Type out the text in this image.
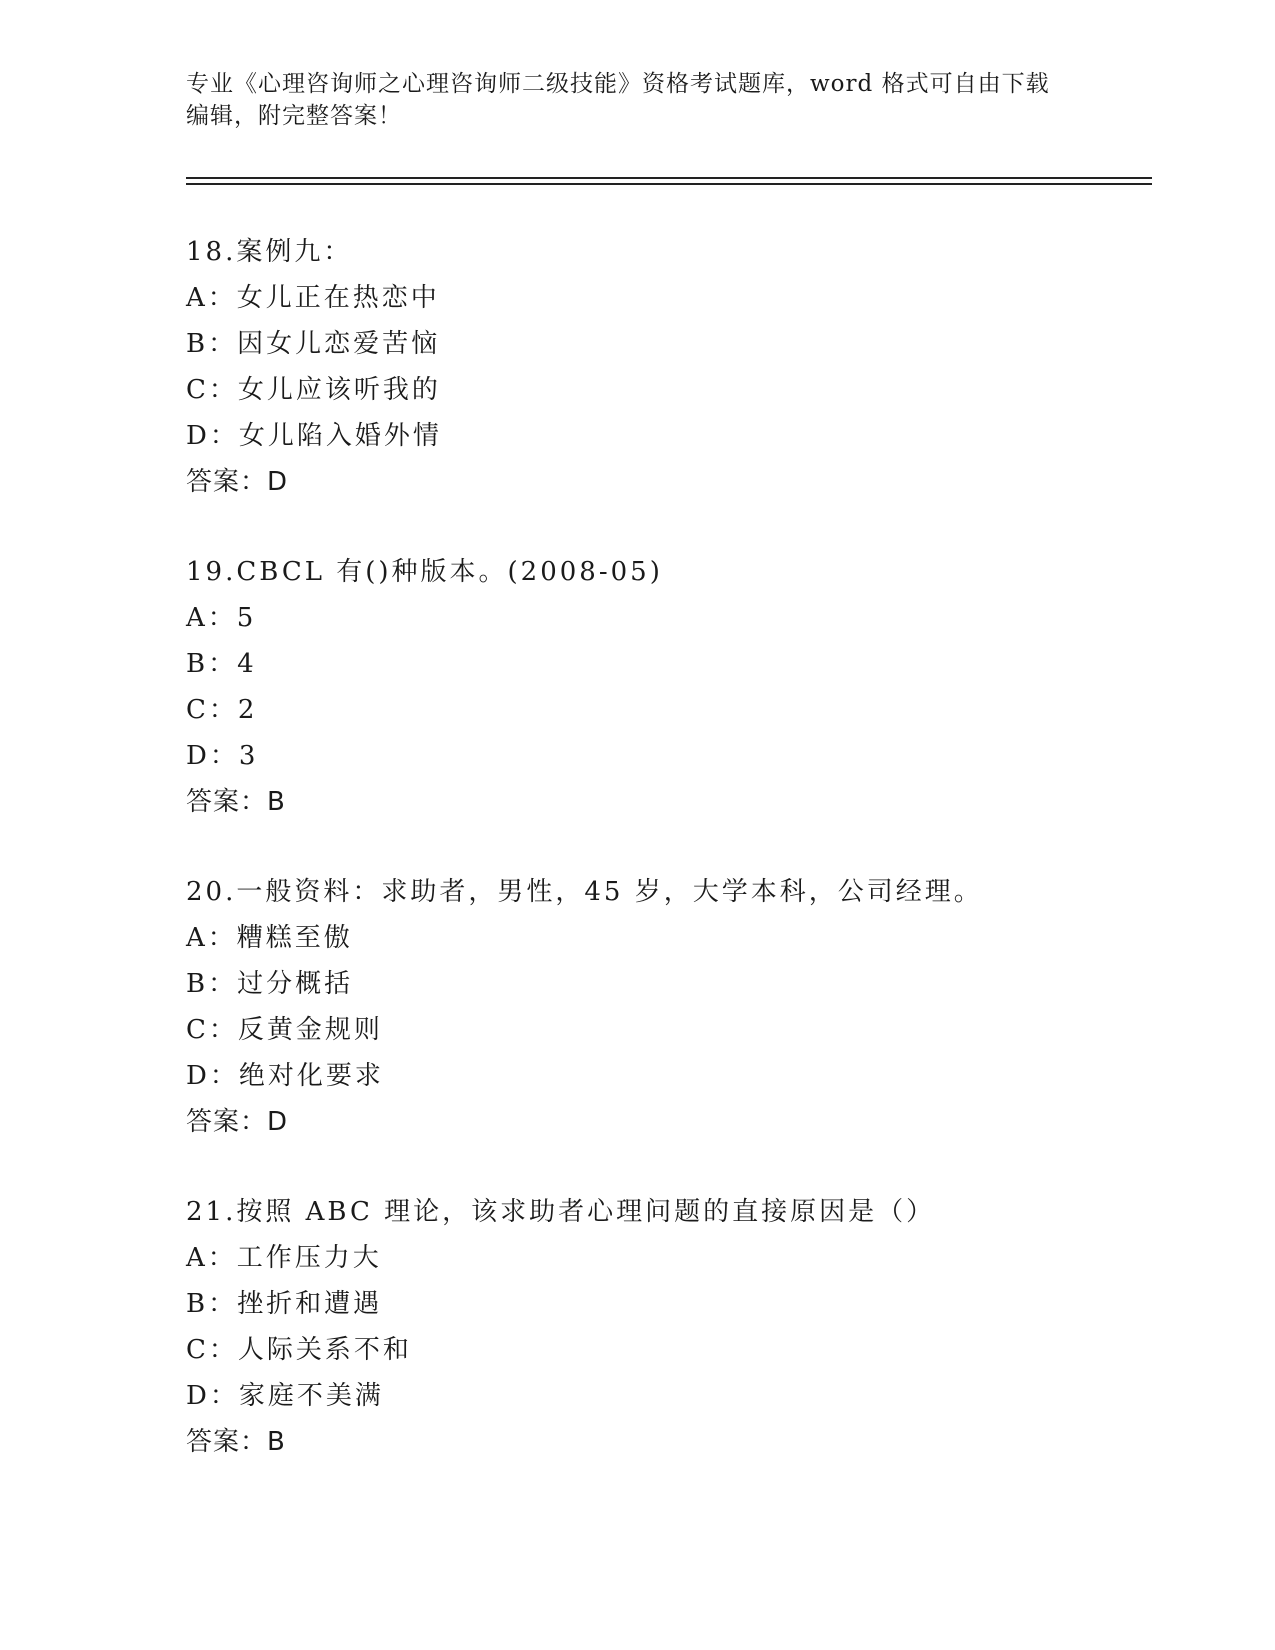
专业《心理咨询师之心理咨询师二级技能》资格考试题库，word 格式可自由下载
编辑，附完整答案！
18.案例九：
A：女儿正在热恋中
B：因女儿恋爱苦恼
C：女儿应该听我的
D：女儿陷入婚外情
答案：D
19.CBCL 有()种版本。(2008-05)
A：5
B：4
C：2
D：3
答案：B
20.一般资料：求助者，男性，45 岁，大学本科，公司经理。
A：糟糕至傲
B：过分概括
C：反黄金规则
D：绝对化要求
答案：D
21.按照 ABC 理论，该求助者心理问题的直接原因是（）
A：工作压力大
B：挫折和遭遇
C：人际关系不和
D：家庭不美满
答案：B
